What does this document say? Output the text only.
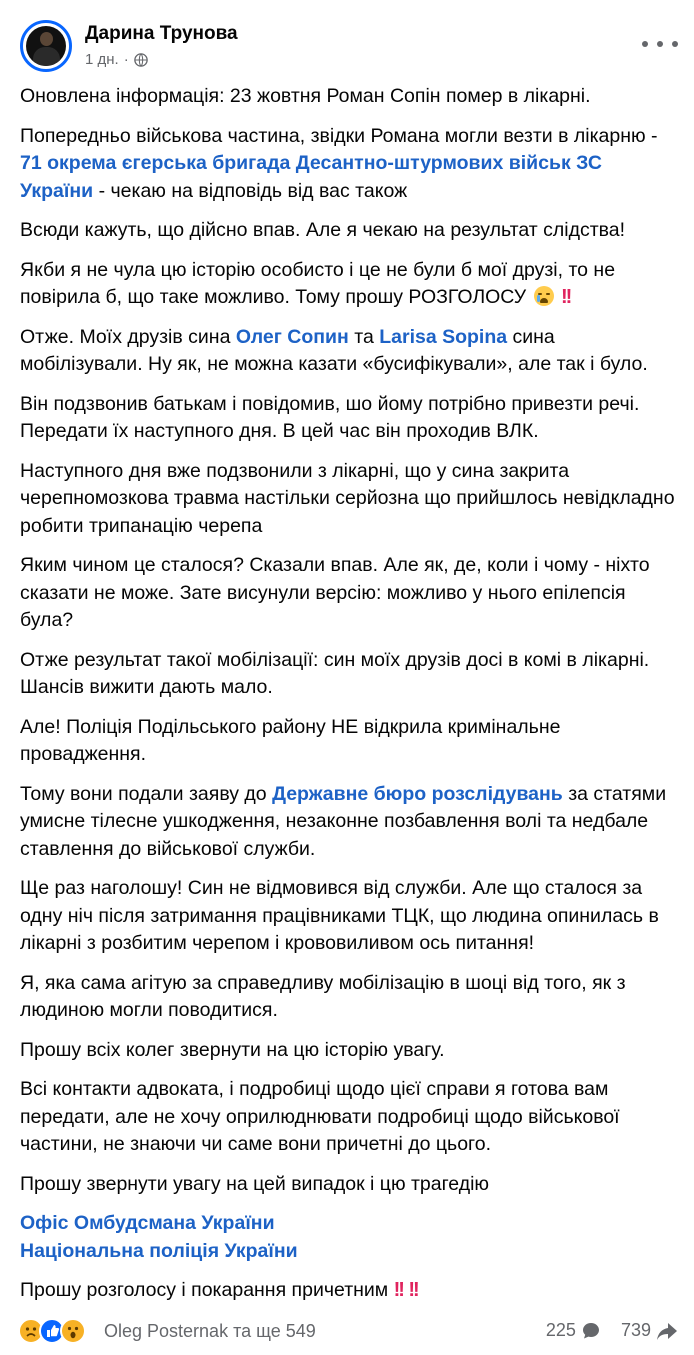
Дарина Трунова
1 дн. ·

Оновлена інформація: 23 жовтня Роман Сопін помер в лікарні.

Попередньо військова частина, звідки Романа могли везти в лікарню - 71 окрема єгерська бригада Десантно-штурмових військ ЗС України - чекаю на відповідь від вас також

Всюди кажуть, що дійсно впав. Але я чекаю на результат слідства!

Якби я не чула цю історію особисто і це не були б мої друзі, то не повірила б, що таке можливо. Тому прошу РОЗГОЛОСУ !!

Отже. Моїх друзів сина Олег Сопин та Larisa Sopina сина мобілізували. Ну як, не можна казати «бусифікували», але так і було.

Він подзвонив батькам і повідомив, шо йому потрібно привезти речі. Передати їх наступного дня. В цей час він проходив ВЛК.

Наступного дня вже подзвонили з лікарні, що у сина закрита черепномозкова травма настільки серйозна що прийшлось невідкладно робити трипанацію черепа

Яким чином це сталося? Сказали впав. Але як, де, коли і чому - ніхто сказати не може. Зате висунули версію: можливо у нього епілепсія була?

Отже результат такої мобілізації: син моїх друзів досі в комі в лікарні. Шансів вижити дають мало.

Але! Поліція Подільського району НЕ відкрила кримінальне провадження.

Тому вони подали заяву до Державне бюро розслідувань за статями умисне тілесне ушкодження, незаконне позбавлення волі та недбале ставлення до військової служби.

Ще раз наголошу! Син не відмовився від служби. Але що сталося за одну ніч після затримання працівниками ТЦК, що людина опинилась в лікарні з розбитим черепом і крововиливом ось питання!

Я, яка сама агітую за справедливу мобілізацію в шоці від того, як з людиною могли поводитися.

Прошу всіх колег звернути на цю історію увагу.

Всі контакти адвоката, і подробиці щодо цієї справи я готова вам передати, але не хочу оприлюднювати подробиці щодо військової частини, не знаючи чи саме вони причетні до цього.

Прошу звернути увагу на цей випадок і цю трагедію

Офіс Омбудсмана України
Національна поліція України

Прошу розголосу і покарання причетним !! !!

Oleg Posternak та ще 549	225	739
